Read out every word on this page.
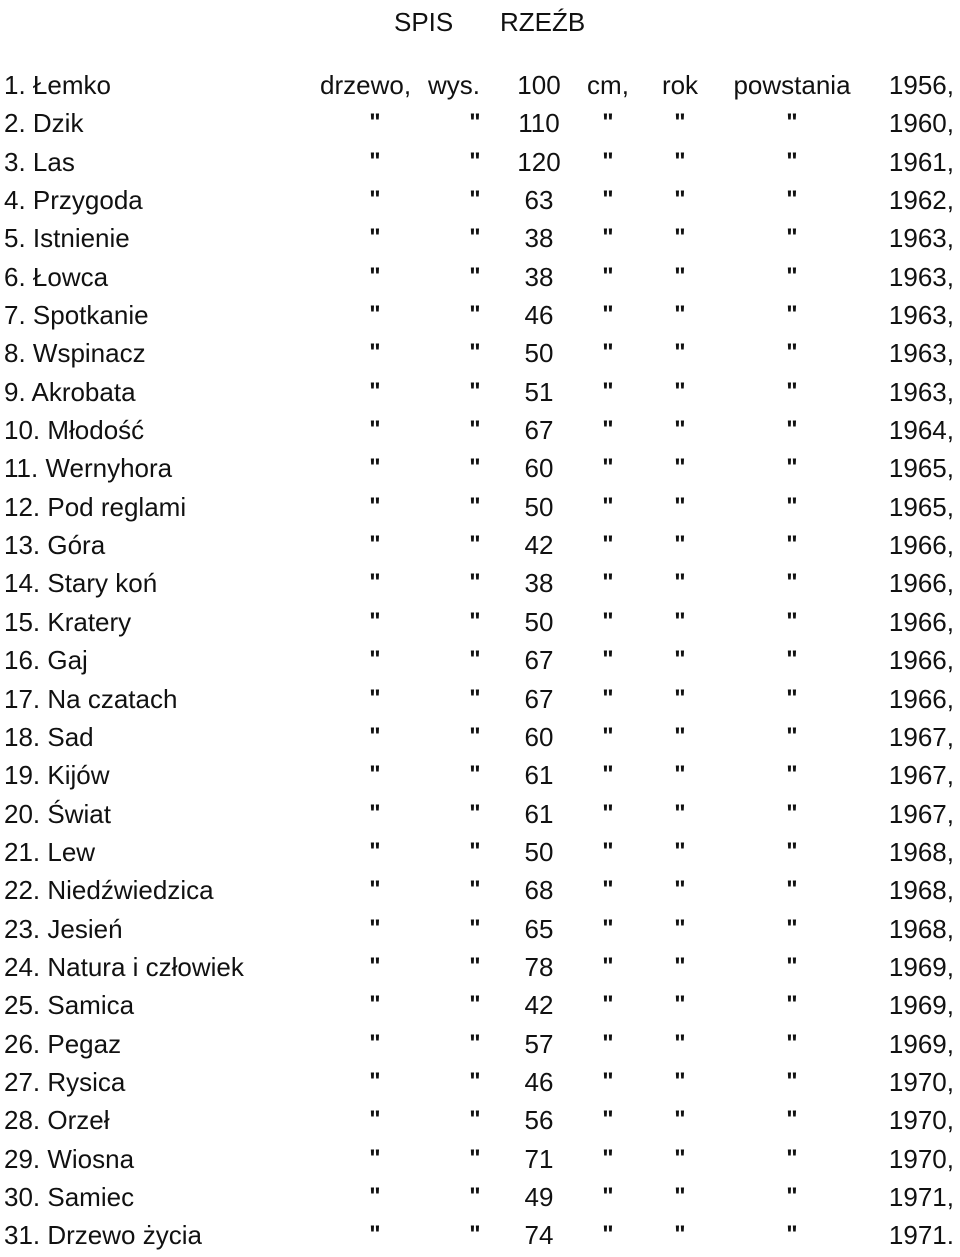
SPIS RZEŹB
1. Łemko	drzewo, wys.	100	cm,	rok	powstania	1956,
2. Dzik	"	"	110	"	"	"	1960,
3. Las	"	"	120	"	"	"	1961,
4. Przygoda	"	"	63	"	"	"	1962,
5. Istnienie	"	"	38	"	"	"	1963,
6. Łowca	"	"	38	"	"	"	1963,
7. Spotkanie	"	"	46	"	"	"	1963,
8. Wspinacz	"	"	50	"	"	"	1963,
9. Akrobata	"	"	51	"	"	"	1963,
10. Młodość	"	"	67	"	"	"	1964,
11. Wernyhora	"	"	60	"	"	"	1965,
12. Pod reglami	"	"	50	"	"	"	1965,
13. Góra	"	"	42	"	"	"	1966,
14. Stary koń	"	"	38	"	"	"	1966,
15. Kratery	"	"	50	"	"	"	1966,
16. Gaj	"	"	67	"	"	"	1966,
17. Na czatach	"	"	67	"	"	"	1966,
18. Sad	"	"	60	"	"	"	1967,
19. Kijów	"	"	61	"	"	"	1967,
20. Świat	"	"	61	"	"	"	1967,
21. Lew	"	"	50	"	"	"	1968,
22. Niedźwiedzica	"	"	68	"	"	"	1968,
23. Jesień	"	"	65	"	"	"	1968,
24. Natura i człowiek	"	"	78	"	"	"	1969,
25. Samica	"	"	42	"	"	"	1969,
26. Pegaz	"	"	57	"	"	"	1969,
27. Rysica	"	"	46	"	"	"	1970,
28. Orzeł	"	"	56	"	"	"	1970,
29. Wiosna	"	"	71	"	"	"	1970,
30. Samiec	"	"	49	"	"	"	1971,
31. Drzewo życia	"	"	74	"	"	"	1971.
